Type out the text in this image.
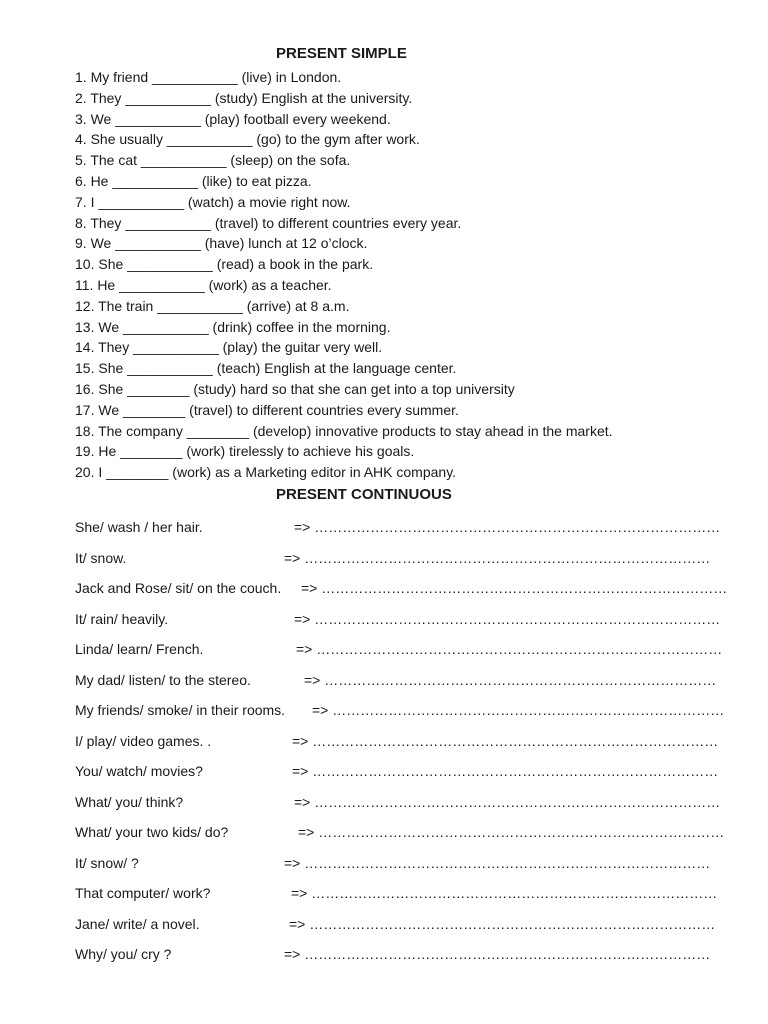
PRESENT SIMPLE
1. My friend ___________ (live) in London.
2. They ___________ (study) English at the university.
3. We ___________ (play) football every weekend.
4. She usually ___________ (go) to the gym after work.
5. The cat ___________ (sleep) on the sofa.
6. He ___________ (like) to eat pizza.
7. I ___________ (watch) a movie right now.
8. They ___________ (travel) to different countries every year.
9. We ___________ (have) lunch at 12 o’clock.
10. She ___________ (read) a book in the park.
11. He ___________ (work) as a teacher.
12. The train ___________ (arrive) at 8 a.m.
13. We ___________ (drink) coffee in the morning.
14. They ___________ (play) the guitar very well.
15. She ___________ (teach) English at the language center.
16. She ________ (study) hard so that she can get into a top university
17. We ________ (travel) to different countries every summer.
18. The company ________ (develop) innovative products to stay ahead in the market.
19. He ________ (work) tirelessly to achieve his goals.
20. I ________ (work) as a Marketing editor in AHK company.
PRESENT CONTINUOUS
She/ wash / her hair.	=> ……………………………………………………………………………
It/ snow.	=> ……………………………………………………………………………
Jack and Rose/ sit/ on the couch. => ……………………………………………………………………………
It/ rain/ heavily.	=> ……………………………………………………………………………
Linda/ learn/ French.	=> ……………………………………………………………………………
My dad/ listen/ to the stereo.	=> …………………………………………………………………………
My friends/ smoke/ in their rooms. => …………………………………………………………………………
I/ play/ video games. .	=> ……………………………………………………………………………
You/ watch/ movies?	=> ……………………………………………………………………………
What/ you/ think?	=> ……………………………………………………………………………
What/ your two kids/ do?	=> ……………………………………………………………………………
It/ snow/ ?	=> ……………………………………………………………………………
That computer/ work?	=> ……………………………………………………………………………
Jane/ write/ a novel.	=> ……………………………………………………………………………
Why/ you/ cry ?	=> ……………………………………………………………………………
